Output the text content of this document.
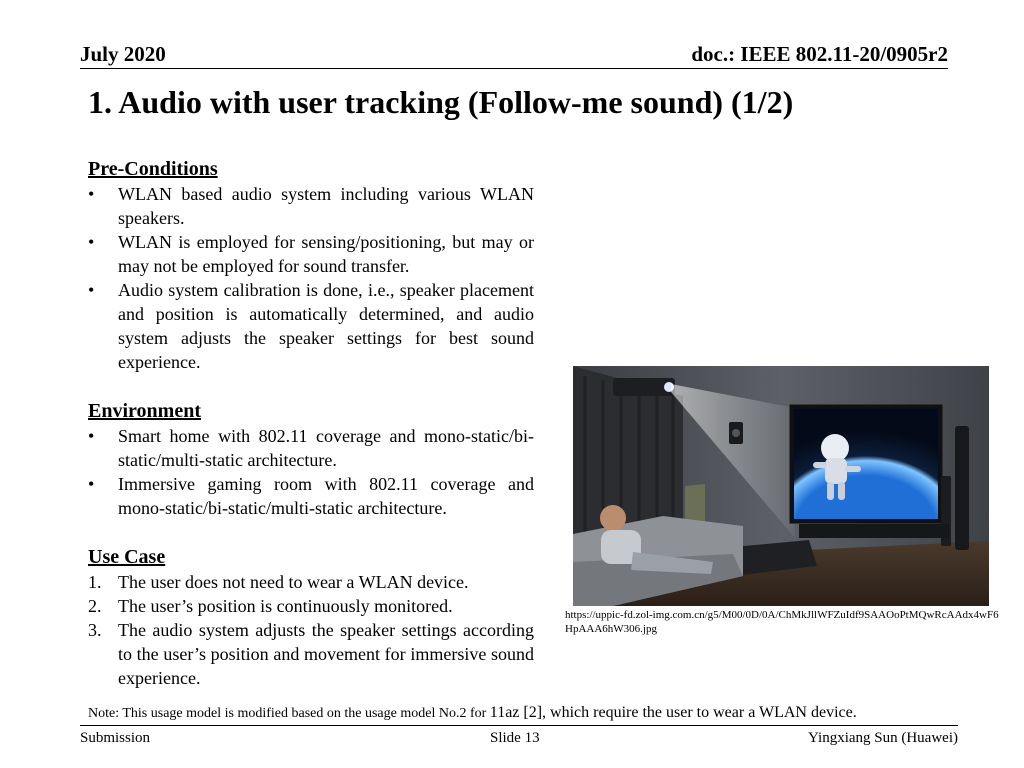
July 2020	doc.: IEEE 802.11-20/0905r2
1. Audio with user tracking (Follow-me sound) (1/2)
Pre-Conditions
• WLAN based audio system including various WLAN speakers.
• WLAN is employed for sensing/positioning, but may or may not be employed for sound transfer.
• Audio system calibration is done, i.e., speaker placement and position is automatically determined, and audio system adjusts the speaker settings for best sound experience.
Environment
• Smart home with 802.11 coverage and mono-static/bi-static/multi-static architecture.
• Immersive gaming room with 802.11 coverage and mono-static/bi-static/multi-static architecture.
Use Case
1. The user does not need to wear a WLAN device.
2. The user’s position is continuously monitored.
3. The audio system adjusts the speaker settings according to the user’s position and movement for immersive sound experience.
https://uppic-fd.zol-img.com.cn/g5/M00/0D/0A/ChMkJllWFZuIdf9SAAOoPtMQwRcAAdx4wF6HpAAA6hW306.jpg
Note: This usage model is modified based on the usage model No.2 for 11az [2], which require the user to wear a WLAN device.
Submission	Slide 13	Yingxiang Sun (Huawei)
